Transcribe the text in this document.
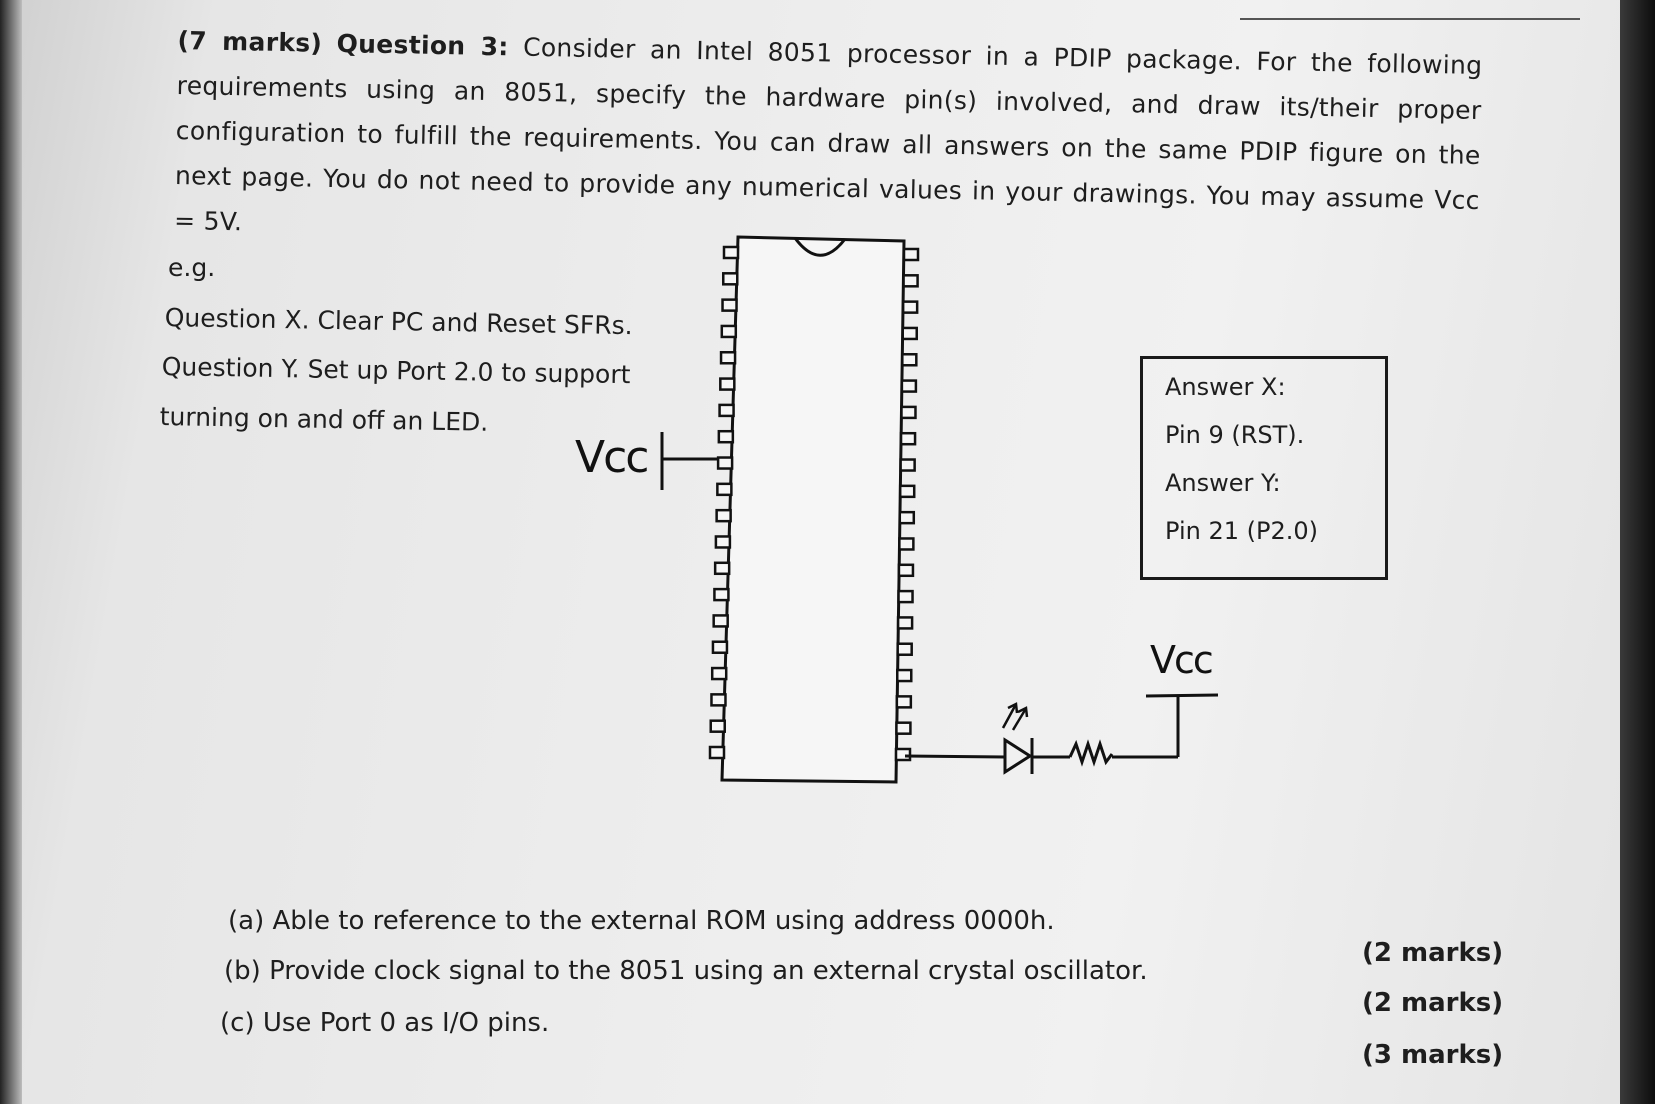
(7 marks) Question 3: Consider an Intel 8051 processor in a PDIP package. For the following requirements using an 8051, specify the hardware pin(s) involved, and draw its/their proper configuration to fulfill the requirements. You can draw all answers on the same PDIP figure on the next page. You do not need to provide any numerical values in your drawings. You may assume Vcc = 5V.
e.g.
Question X. Clear PC and Reset SFRs.
Question Y. Set up Port 2.0 to support
turning on and off an LED.
Vcc
Vcc
Answer X:
Pin 9 (RST).
Answer Y:
Pin 21 (P2.0)
(a) Able to reference to the external ROM using address 0000h.
(b) Provide clock signal to the 8051 using an external crystal oscillator.
(c) Use Port 0 as I/O pins.
(2 marks)
(2 marks)
(3 marks)
